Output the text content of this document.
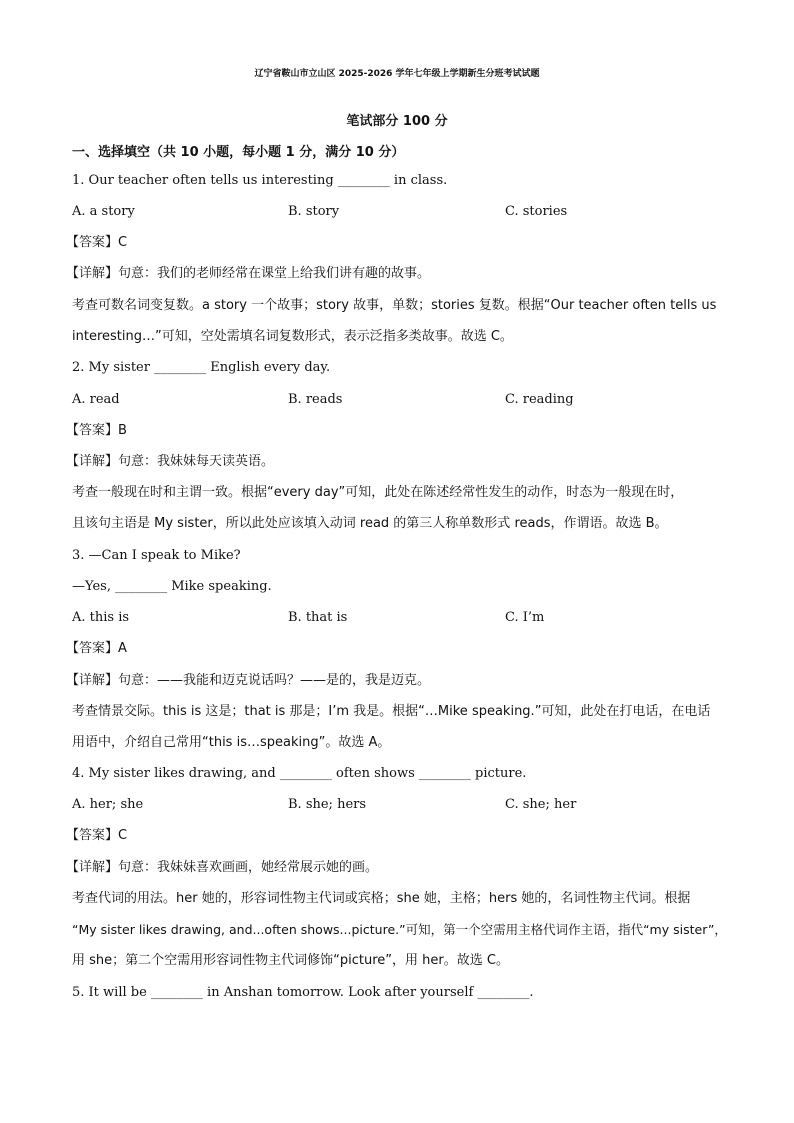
辽宁省鞍山市立山区 2025-2026 学年七年级上学期新生分班考试试题
笔试部分 100 分
一、选择填空（共 10 小题，每小题 1 分，满分 10 分）
1. Our teacher often tells us interesting ________ in class.
A. a story	B. story	C. stories
【答案】C
【详解】句意：我们的老师经常在课堂上给我们讲有趣的故事。
考查可数名词变复数。a story 一个故事；story 故事，单数；stories 复数。根据“Our teacher often tells us
interesting…”可知，空处需填名词复数形式，表示泛指多类故事。故选 C。
2. My sister ________ English every day.
A. read	B. reads	C. reading
【答案】B
【详解】句意：我妹妹每天读英语。
考查一般现在时和主谓一致。根据“every day”可知，此处在陈述经常性发生的动作，时态为一般现在时，
且该句主语是 My sister，所以此处应该填入动词 read 的第三人称单数形式 reads，作谓语。故选 B。
3. —Can I speak to Mike?
—Yes, ________ Mike speaking.
A. this is	B. that is	C. I’m
【答案】A
【详解】句意：——我能和迈克说话吗？——是的，我是迈克。
考查情景交际。this is 这是；that is 那是；I’m 我是。根据“…Mike speaking.”可知，此处在打电话，在电话
用语中，介绍自己常用“this is…speaking”。故选 A。
4. My sister likes drawing, and ________ often shows ________ picture.
A. her; she	B. she; hers	C. she; her
【答案】C
【详解】句意：我妹妹喜欢画画，她经常展示她的画。
考查代词的用法。her 她的，形容词性物主代词或宾格；she 她，主格；hers 她的，名词性物主代词。根据
“My sister likes drawing, and...often shows...picture.”可知，第一个空需用主格代词作主语，指代“my sister”，
用 she；第二个空需用形容词性物主代词修饰“picture”，用 her。故选 C。
5. It will be ________ in Anshan tomorrow. Look after yourself ________.
